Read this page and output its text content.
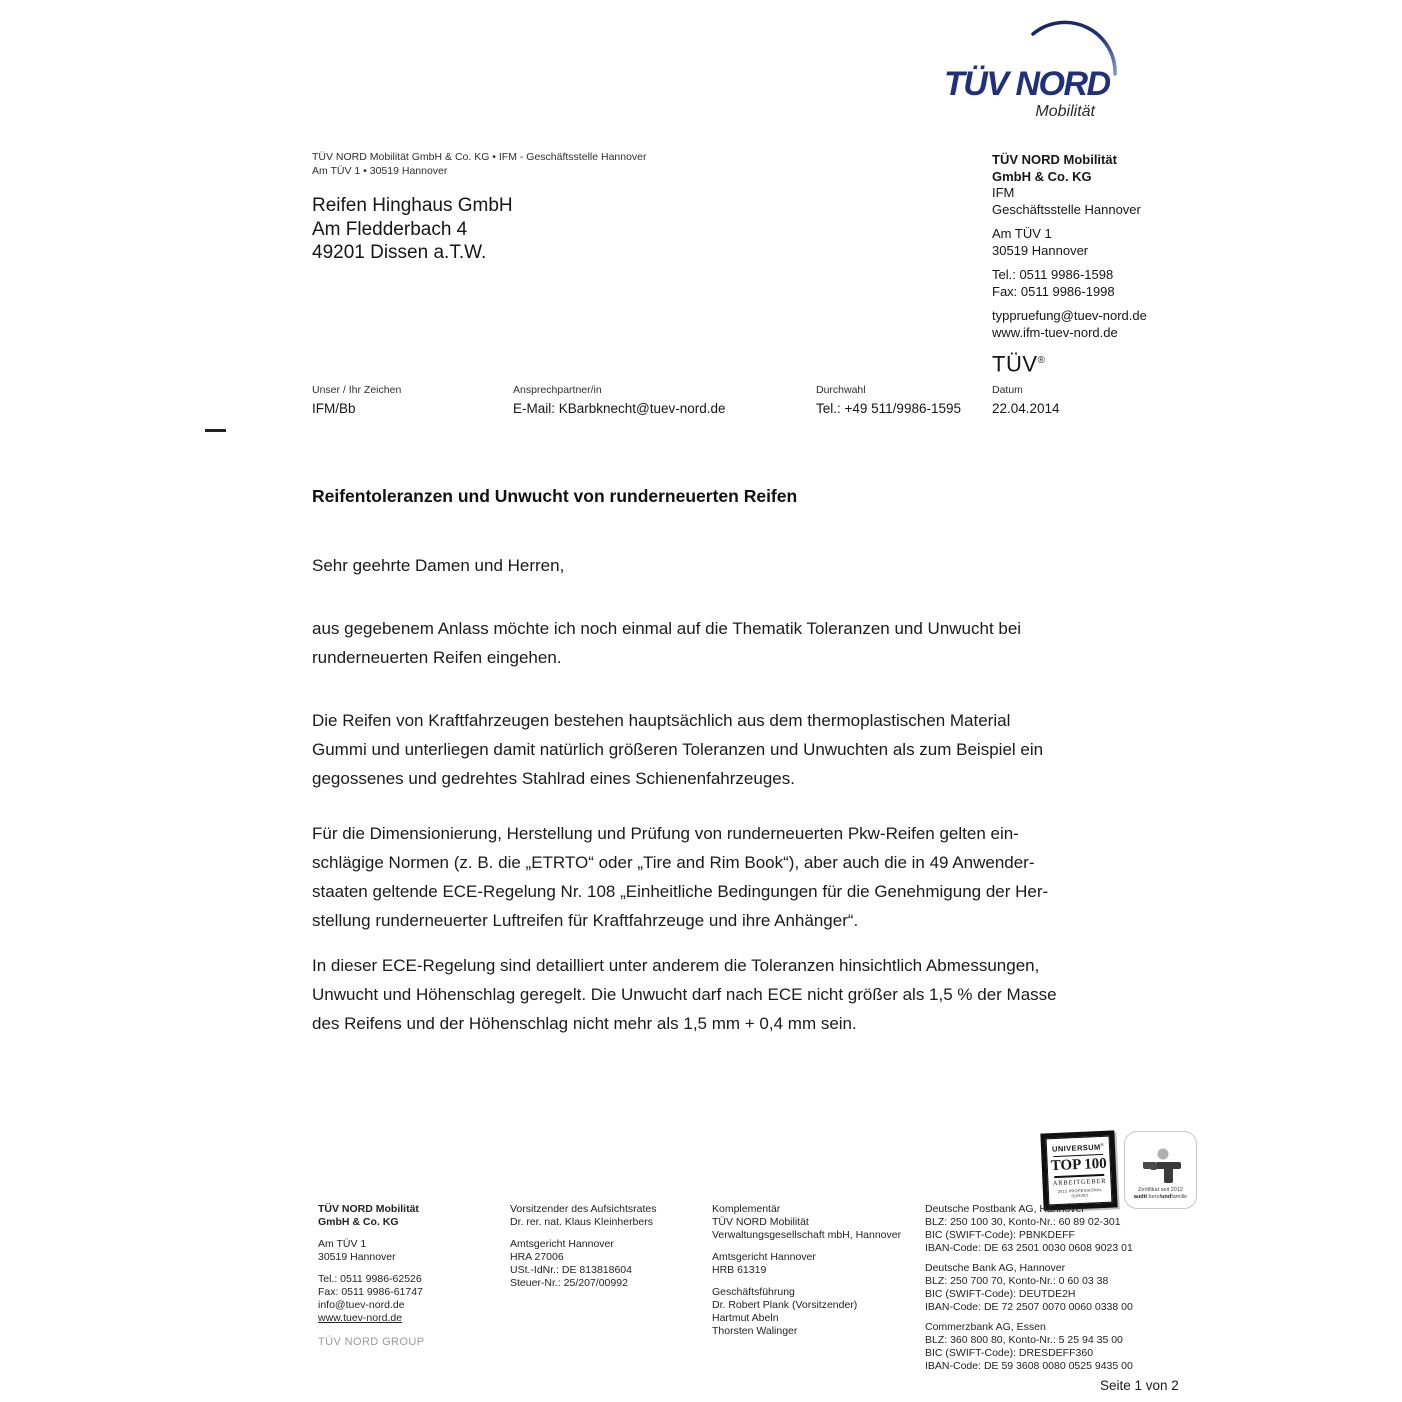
TÜV NORD
Mobilität
TÜV NORD Mobilität GmbH & Co. KG • IFM - Geschäftsstelle Hannover
Am TÜV 1 • 30519 Hannover
Reifen Hinghaus GmbH
Am Fledderbach 4
49201 Dissen a.T.W.
TÜV NORD Mobilität
GmbH & Co. KG
IFM
Geschäftsstelle Hannover
Am TÜV 1
30519 Hannover
Tel.: 0511 9986-1598
Fax: 0511 9986-1998
typpruefung@tuev-nord.de
www.ifm-tuev-nord.de
TÜV®
Unser / Ihr Zeichen
IFM/Bb
Ansprechpartner/in
E-Mail: KBarbknecht@tuev-nord.de
Durchwahl
Tel.: +49 511/9986-1595
Datum
22.04.2014
Reifentoleranzen und Unwucht von runderneuerten Reifen
Sehr geehrte Damen und Herren,
aus gegebenem Anlass möchte ich noch einmal auf die Thematik Toleranzen und Unwucht bei
runderneuerten Reifen eingehen.
Die Reifen von Kraftfahrzeugen bestehen hauptsächlich aus dem thermoplastischen Material
Gummi und unterliegen damit natürlich größeren Toleranzen und Unwuchten als zum Beispiel ein
gegossenes und gedrehtes Stahlrad eines Schienenfahrzeuges.
Für die Dimensionierung, Herstellung und Prüfung von runderneuerten Pkw-Reifen gelten ein-
schlägige Normen (z. B. die „ETRTO“ oder „Tire and Rim Book“), aber auch die in 49 Anwender-
staaten geltende ECE-Regelung Nr. 108 „Einheitliche Bedingungen für die Genehmigung der Her-
stellung runderneuerter Luftreifen für Kraftfahrzeuge und ihre Anhänger“.
In dieser ECE-Regelung sind detailliert unter anderem die Toleranzen hinsichtlich Abmessungen,
Unwucht und Höhenschlag geregelt. Die Unwucht darf nach ECE nicht größer als 1,5 % der Masse
des Reifens und der Höhenschlag nicht mehr als 1,5 mm + 0,4 mm sein.
UNIVERSUM®
TOP 100
ARBEITGEBER
2012 PROFESSIONAL SURVEY
Zertifikat seit 2012
audit berufundfamilie
TÜV NORD Mobilität
GmbH & Co. KG
Am TÜV 1
30519 Hannover
Tel.: 0511 9986-62526
Fax: 0511 9986-61747
info@tuev-nord.de
www.tuev-nord.de
TÜV NORD GROUP
Vorsitzender des Aufsichtsrates
Dr. rer. nat. Klaus Kleinherbers
Amtsgericht Hannover
HRA 27006
USt.-IdNr.: DE 813818604
Steuer-Nr.: 25/207/00992
Komplementär
TÜV NORD Mobilität
Verwaltungsgesellschaft mbH, Hannover
Amtsgericht Hannover
HRB 61319
Geschäftsführung
Dr. Robert Plank (Vorsitzender)
Hartmut Abeln
Thorsten Walinger
Deutsche Postbank AG, Hannover
BLZ: 250 100 30, Konto-Nr.: 60 89 02-301
BIC (SWIFT-Code): PBNKDEFF
IBAN-Code: DE 63 2501 0030 0608 9023 01
Deutsche Bank AG, Hannover
BLZ: 250 700 70, Konto-Nr.: 0 60 03 38
BIC (SWIFT-Code): DEUTDE2H
IBAN-Code: DE 72 2507 0070 0060 0338 00
Commerzbank AG, Essen
BLZ: 360 800 80, Konto-Nr.: 5 25 94 35 00
BIC (SWIFT-Code): DRESDEFF360
IBAN-Code: DE 59 3608 0080 0525 9435 00
Seite 1 von 2
